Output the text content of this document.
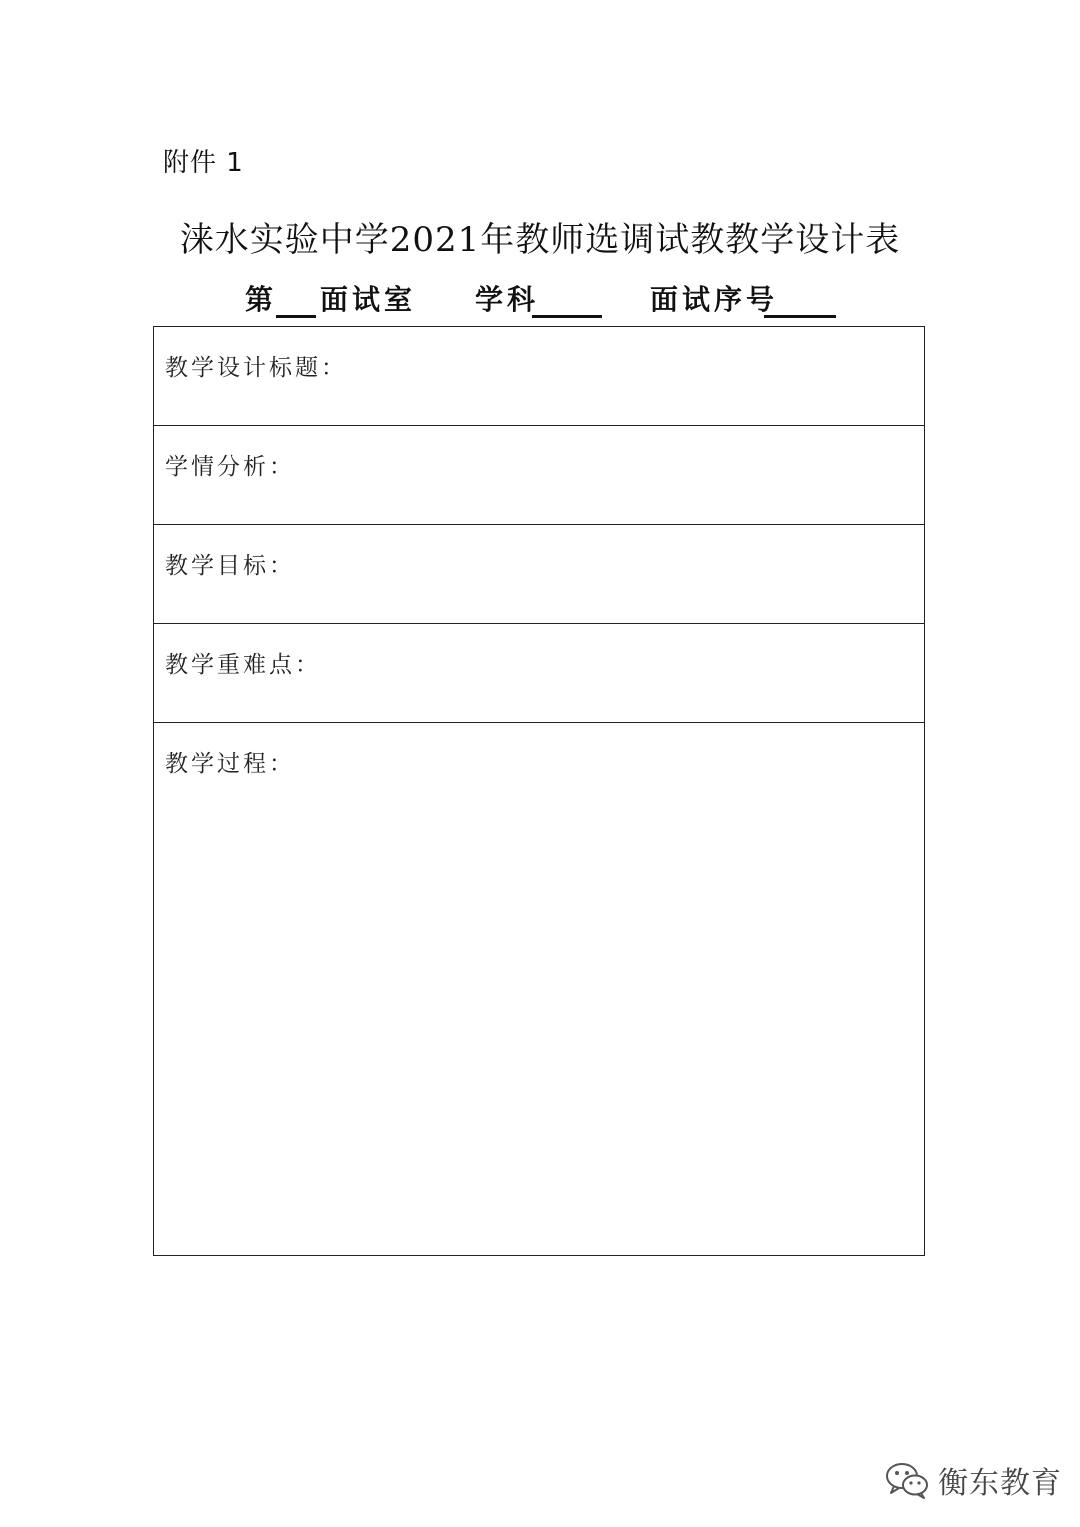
附件 1
涞水实验中学2021年教师选调试教教学设计表
第 面试室 学科	面试序号
教学设计标题：
学情分析：
教学目标：
教学重难点：
教学过程：
衡东教育
